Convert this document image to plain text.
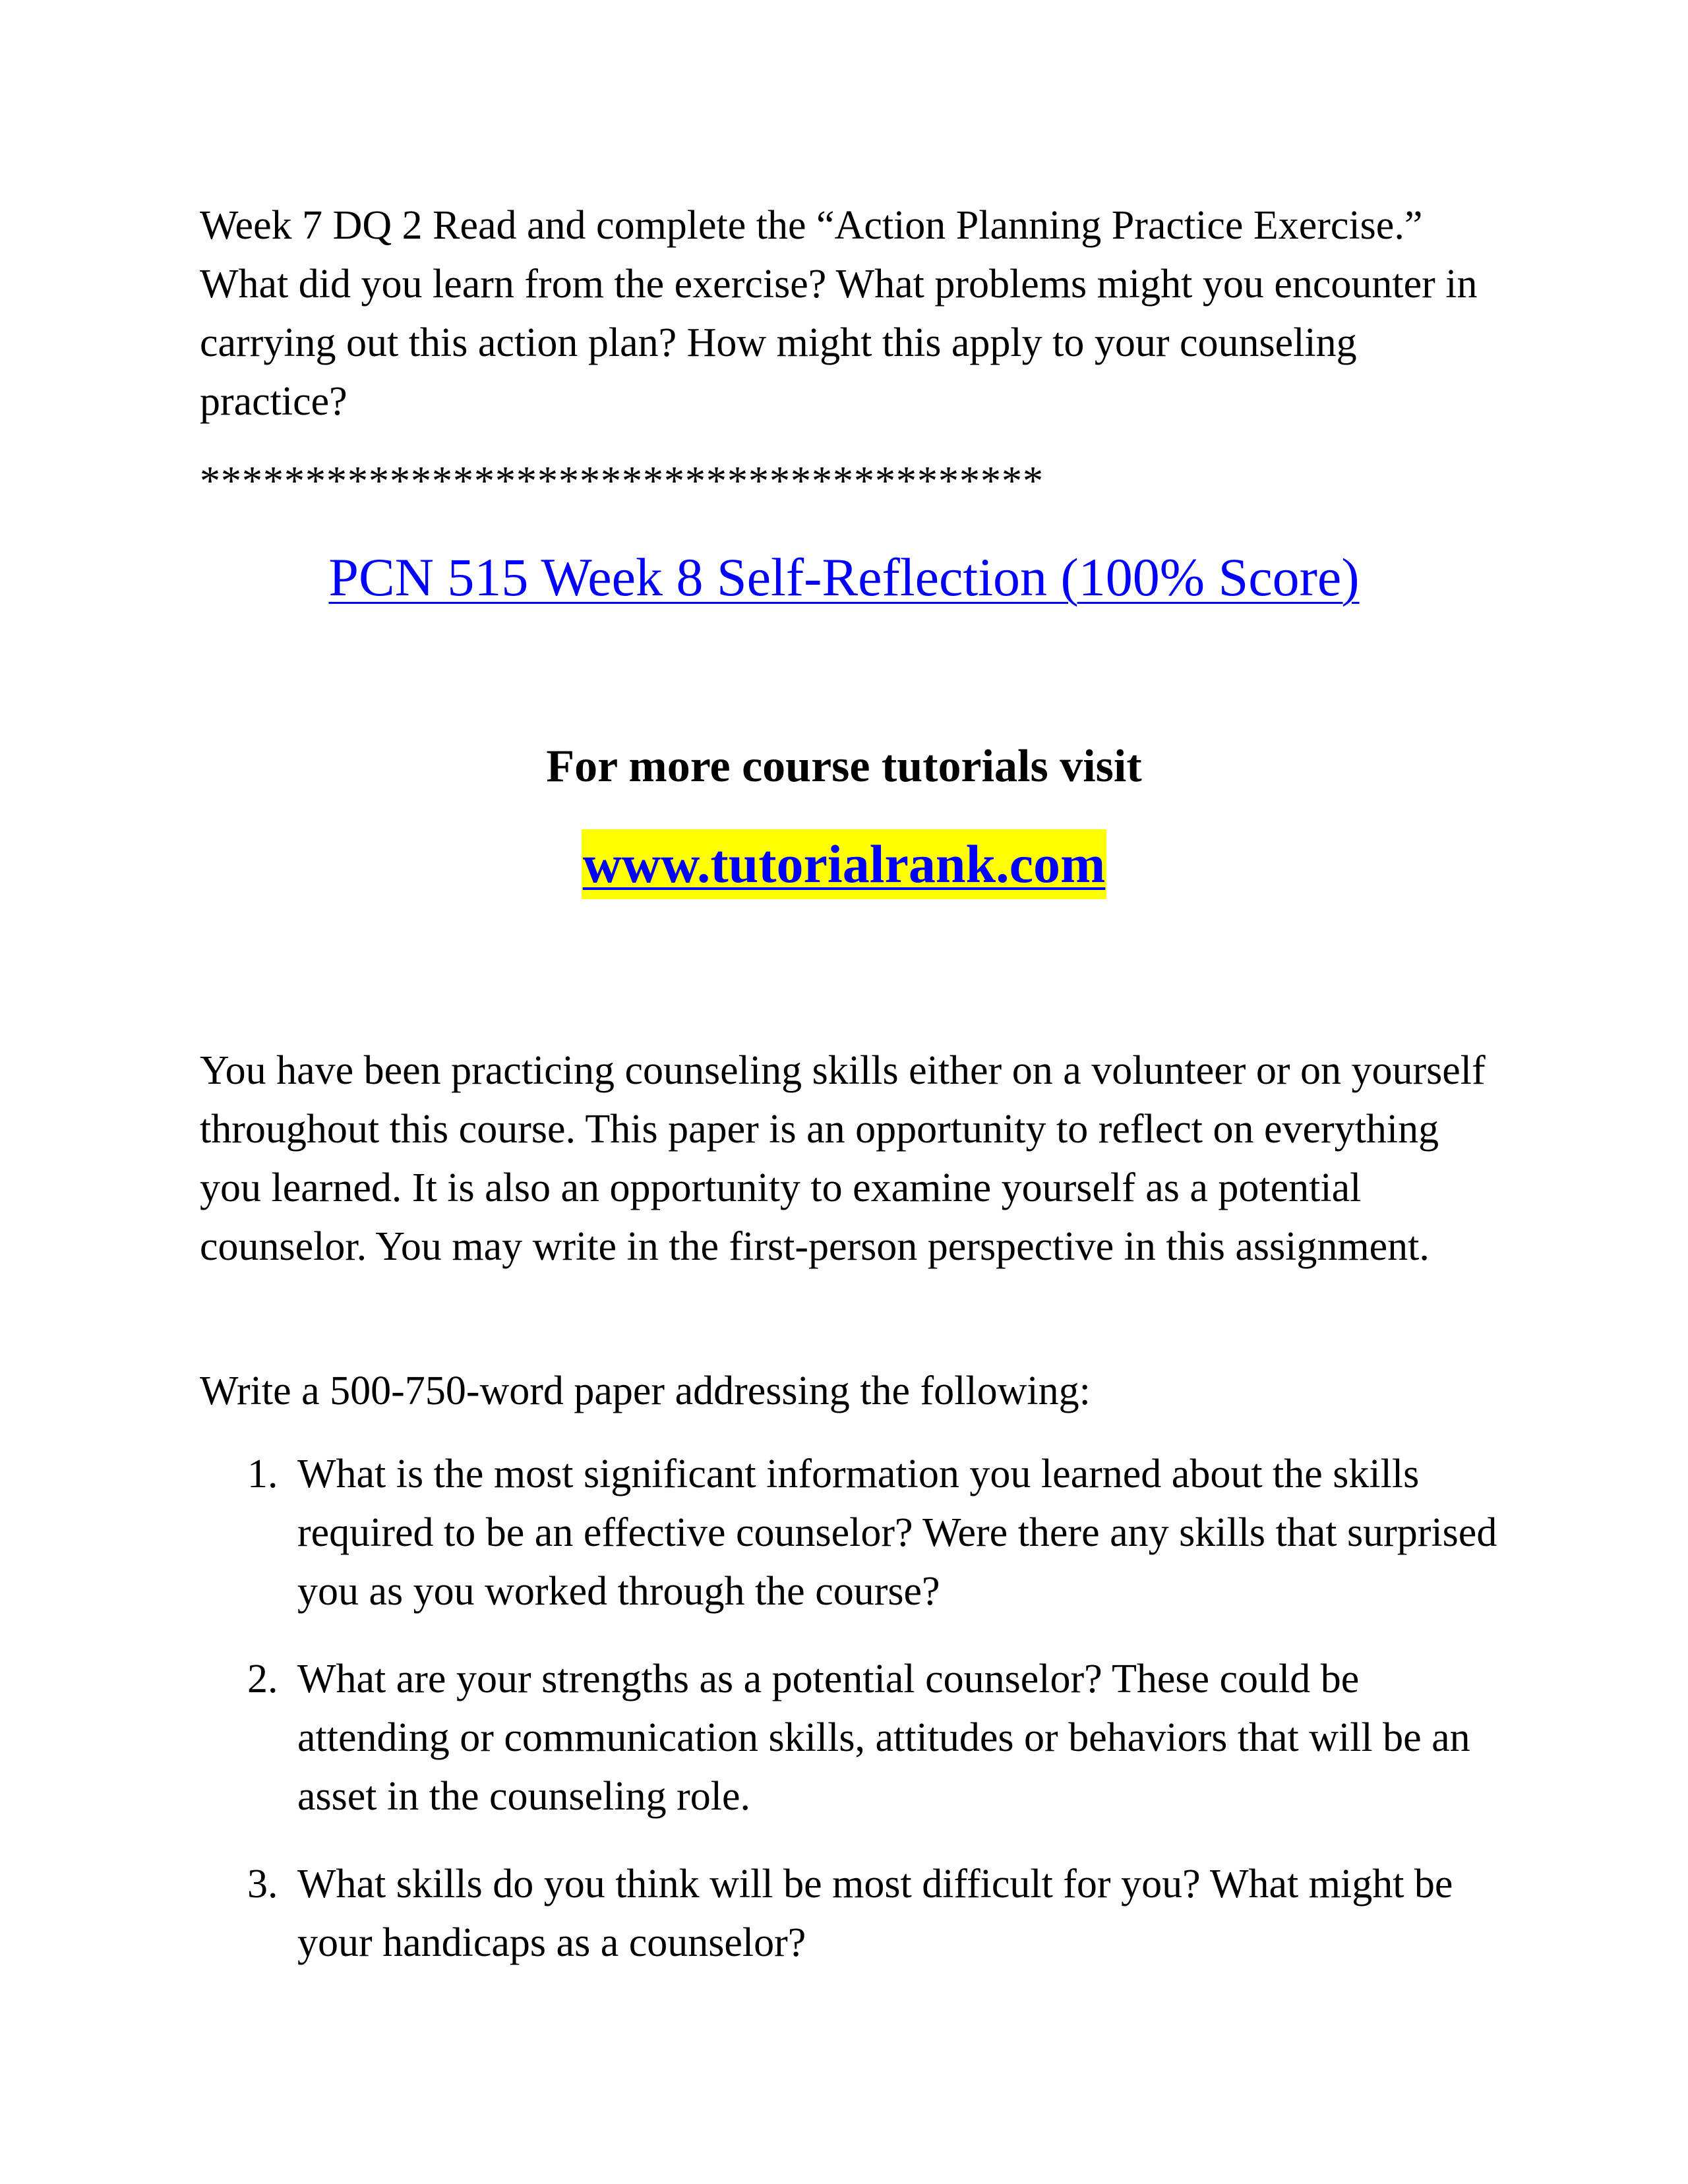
Week 7 DQ 2 Read and complete the “Action Planning Practice Exercise.” What did you learn from the exercise? What problems might you encounter in carrying out this action plan? How might this apply to your counseling practice?

****************************************
PCN 515 Week 8 Self-Reflection (100% Score)
For more course tutorials visit
www.tutorialrank.com

You have been practicing counseling skills either on a volunteer or on yourself throughout this course. This paper is an opportunity to reflect on everything you learned. It is also an opportunity to examine yourself as a potential counselor. You may write in the first-person perspective in this assignment.

Write a 500-750-word paper addressing the following:

1. What is the most significant information you learned about the skills required to be an effective counselor? Were there any skills that surprised you as you worked through the course?
2. What are your strengths as a potential counselor? These could be attending or communication skills, attitudes or behaviors that will be an asset in the counseling role.
3. What skills do you think will be most difficult for you? What might be your handicaps as a counselor?
